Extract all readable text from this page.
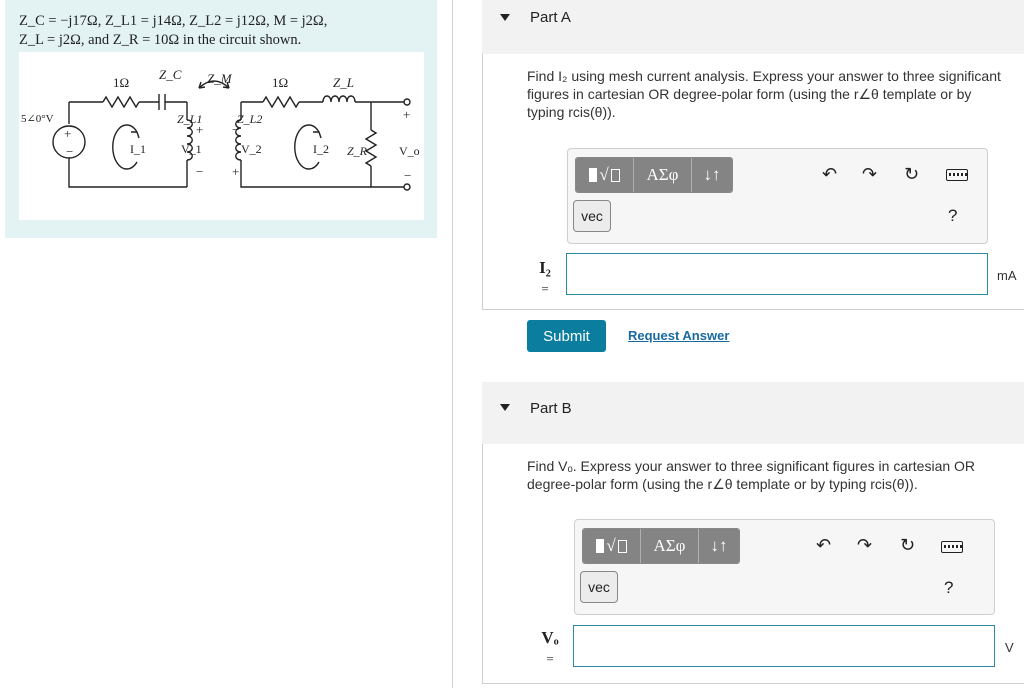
Z_C = −j17Ω, Z_L1 = j14Ω, Z_L2 = j12Ω, M = j2Ω,
Z_L = j2Ω, and Z_R = 10Ω in the circuit shown.
+
−
+
−
−
+
+
−
1Ω
Z_C Z_M	1Ω	Z_L
5∠0°V
I_1
Z_L1
V_1
Z_L2
V_2	I_2 Z_R	V_o
Part A
Find I₂ using mesh current analysis. Express your answer to three significant figures in cartesian OR degree-polar form (using the r∠θ template or by typing rcis(θ)).
√	ΑΣφ	↓↑
vec
↶ ↷ ↻
?
I₂
=
mA
Submit	Request Answer
Part B
Find Vₒ. Express your answer to three significant figures in cartesian OR degree-polar form (using the r∠θ template or by typing rcis(θ)).
√	ΑΣφ	↓↑
vec
↶ ↷ ↻
?
Vₒ
=
V
